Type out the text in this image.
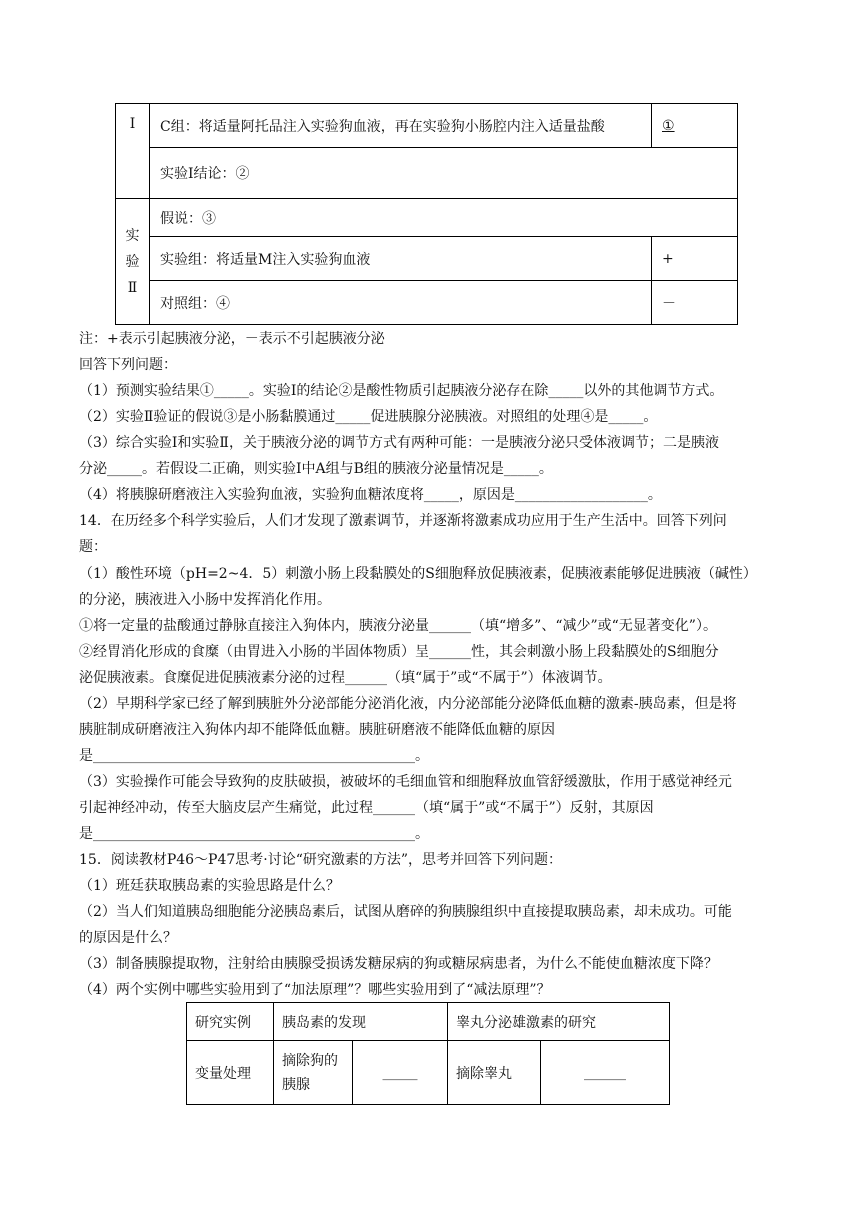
Ⅰ	C组：将适量阿托品注入实验狗血液，再在实验狗小肠腔内注入适量盐酸	①
	实验Ⅰ结论：②	
实验Ⅱ	假说：③	
	实验组：将适量M注入实验狗血液	+
	对照组：④	－
注：+表示引起胰液分泌，－表示不引起胰液分泌
回答下列问题：
（1）预测实验结果①_____。实验Ⅰ的结论②是酸性物质引起胰液分泌存在除_____以外的其他调节方式。
（2）实验Ⅱ验证的假说③是小肠黏膜通过_____促进胰腺分泌胰液。对照组的处理④是_____。
（3）综合实验Ⅰ和实验Ⅱ，关于胰液分泌的调节方式有两种可能：一是胰液分泌只受体液调节；二是胰液
分泌_____。若假设二正确，则实验Ⅰ中A组与B组的胰液分泌量情况是_____。
（4）将胰腺研磨液注入实验狗血液，实验狗血糖浓度将_____，原因是___________________。
14．在历经多个科学实验后，人们才发现了激素调节，并逐渐将激素成功应用于生产生活中。回答下列问
题：
（1）酸性环境（pH=2~4．5）刺激小肠上段黏膜处的S细胞释放促胰液素，促胰液素能够促进胰液（碱性）
的分泌，胰液进入小肠中发挥消化作用。
①将一定量的盐酸通过静脉直接注入狗体内，胰液分泌量______（填“增多”、“减少”或“无显著变化”）。
②经胃消化形成的食糜（由胃进入小肠的半固体物质）呈______性，其会刺激小肠上段黏膜处的S细胞分
泌促胰液素。食糜促进促胰液素分泌的过程______（填“属于”或“不属于”）体液调节。
（2）早期科学家已经了解到胰脏外分泌部能分泌消化液，内分泌部能分泌降低血糖的激素-胰岛素，但是将
胰脏制成研磨液注入狗体内却不能降低血糖。胰脏研磨液不能降低血糖的原因
是______________________________________________。
（3）实验操作可能会导致狗的皮肤破损，被破坏的毛细血管和细胞释放血管舒缓激肽，作用于感觉神经元
引起神经冲动，传至大脑皮层产生痛觉，此过程______（填“属于”或“不属于”）反射，其原因
是______________________________________________。
15．阅读教材P46～P47思考·讨论“研究激素的方法”，思考并回答下列问题：
（1）班廷获取胰岛素的实验思路是什么？
（2）当人们知道胰岛细胞能分泌胰岛素后，试图从磨碎的狗胰腺组织中直接提取胰岛素，却未成功。可能
的原因是什么？
（3）制备胰腺提取物，注射给由胰腺受损诱发糖尿病的狗或糖尿病患者，为什么不能使血糖浓度下降？
（4）两个实例中哪些实验用到了“加法原理”？哪些实验用到了“减法原理”？
研究实例	胰岛素的发现		睾丸分泌雄激素的研究	
变量处理	摘除狗的胰腺	_____	摘除睾丸	______
